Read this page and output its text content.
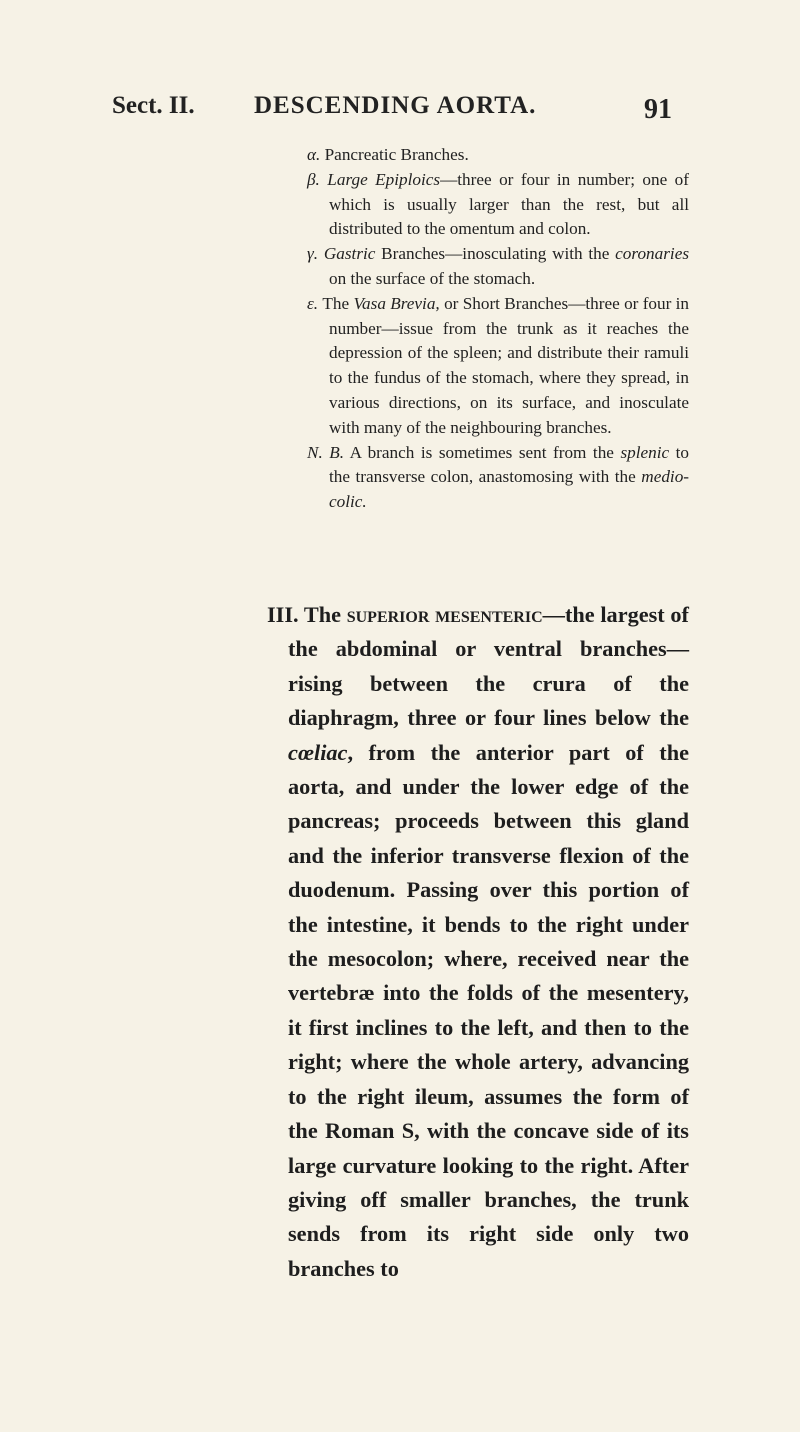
Sect. II. DESCENDING AORTA.	91

α. Pancreatic Branches.

β. Large Epiploics—three or four in number; one of which is usually larger than the rest, but all distributed to the omentum and colon.

γ. Gastric Branches—inosculating with the coronaries on the surface of the stomach.

ε. The Vasa Brevia, or Short Branches—three or four in number—issue from the trunk as it reaches the depression of the spleen; and distribute their ramuli to the fundus of the stomach, where they spread, in various directions, on its surface, and inosculate with many of the neighbouring branches.

N. B. A branch is sometimes sent from the splenic to the transverse colon, anastomosing with the medio-colic.

III. The superior mesenteric—the largest of the abdominal or ventral branches—rising between the crura of the diaphragm, three or four lines below the cœliac, from the anterior part of the aorta, and under the lower edge of the pancreas; proceeds between this gland and the inferior transverse flexion of the duodenum. Passing over this portion of the intestine, it bends to the right under the mesocolon; where, received near the vertebræ into the folds of the mesentery, it first inclines to the left, and then to the right; where the whole artery, advancing to the right ileum, assumes the form of the Roman S, with the concave side of its large curvature looking to the right. After giving off smaller branches, the trunk sends from its right side only two branches to
